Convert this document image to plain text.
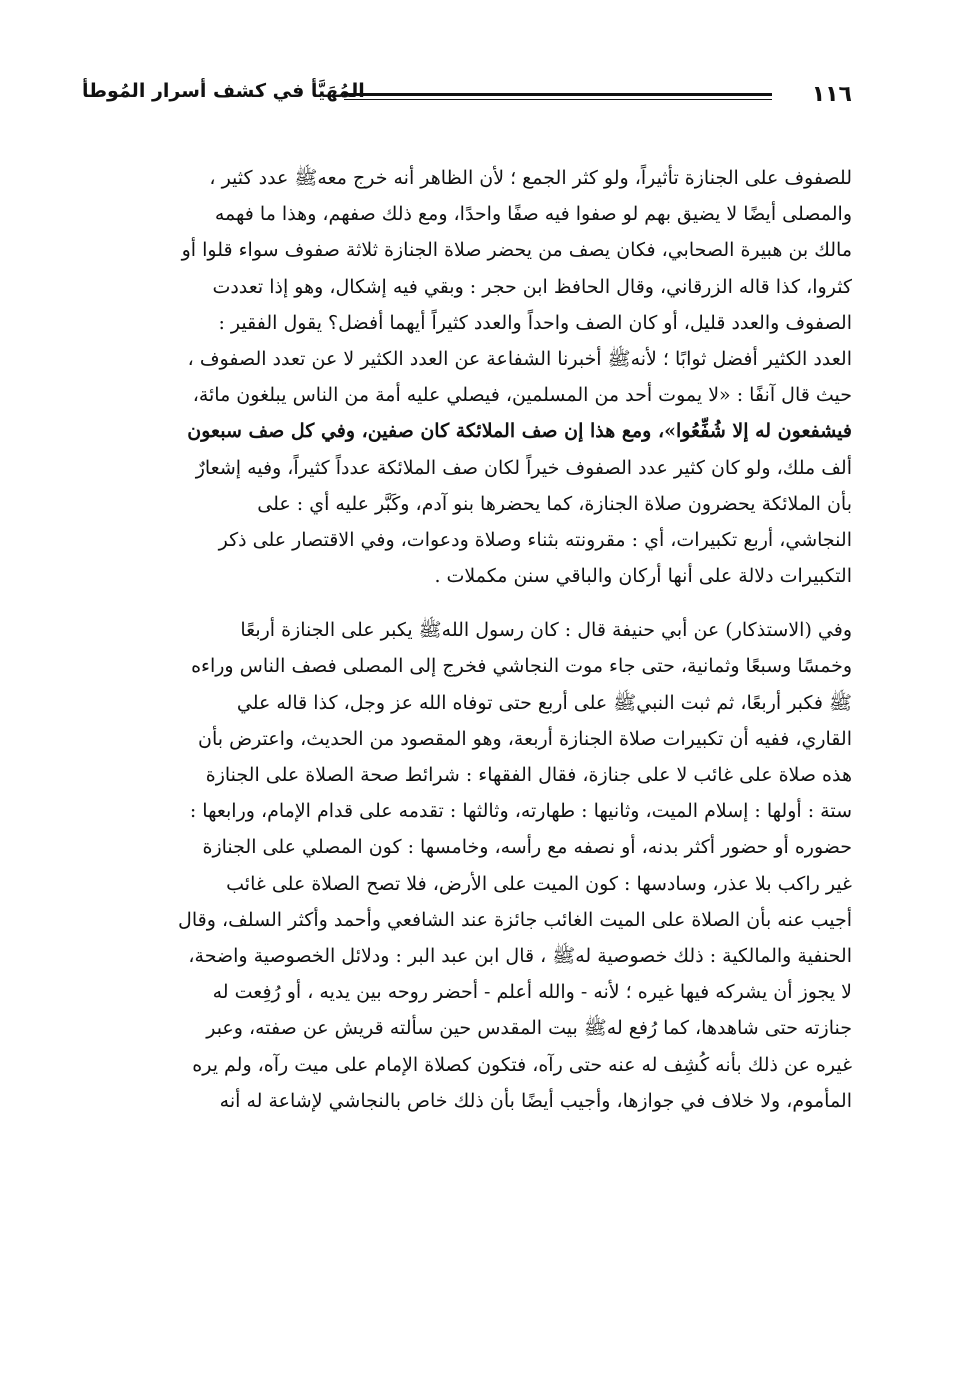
١١٦
المُهَيَّأ في كشف أسرار المُوطأ
للصفوف على الجنازة تأثيراً، ولو كثر الجمع ؛ لأن الظاهر أنه خرج معهﷺ عدد كثير ،
والمصلى أيضًا لا يضيق بهم لو صفوا فيه صفًا واحدًا، ومع ذلك صفهم، وهذا ما فهمه
مالك بن هبيرة الصحابي، فكان يصف من يحضر صلاة الجنازة ثلاثة صفوف سواء قلوا أو
كثروا، كذا قاله الزرقاني، وقال الحافظ ابن حجر : وبقي فيه إشكال، وهو إذا تعددت
الصفوف والعدد قليل، أو كان الصف واحداً والعدد كثيراً أيهما أفضل؟ يقول الفقير :
العدد الكثير أفضل ثوابًا ؛ لأنهﷺ أخبرنا الشفاعة عن العدد الكثير لا عن تعدد الصفوف ،
حيث قال آنفًا : «لا يموت أحد من المسلمين، فيصلي عليه أمة من الناس يبلغون مائة،
فيشفعون له إلا شُفِّعُوا»، ومع هذا إن صف الملائكة كان صفين، وفي كل صف سبعون
ألف ملك، ولو كان كثير عدد الصفوف خيراً لكان صف الملائكة عدداً كثيراً، وفيه إشعارٌ
بأن الملائكة يحضرون صلاة الجنازة، كما يحضرها بنو آدم، وكَبَّر عليه أي : على
النجاشي، أربع تكبيرات، أي : مقرونته بثناء وصلاة ودعوات، وفي الاقتصار على ذكر
التكبيرات دلالة على أنها أركان والباقي سنن مكملات .
وفي (الاستذكار) عن أبي حنيفة قال : كان رسول اللهﷺ يكبر على الجنازة أربعًا
وخمسًا وسبعًا وثمانية، حتى جاء موت النجاشي فخرج إلى المصلى فصف الناس وراءه
ﷺ فكبر أربعًا، ثم ثبت النبيﷺ على أربع حتى توفاه الله عز وجل، كذا قاله علي
القاري، ففيه أن تكبيرات صلاة الجنازة أربعة، وهو المقصود من الحديث، واعترض بأن
هذه صلاة على غائب لا على جنازة، فقال الفقهاء : شرائط صحة الصلاة على الجنازة
ستة : أولها : إسلام الميت، وثانيها : طهارته، وثالثها : تقدمه على قدام الإمام، ورابعها :
حضوره أو حضور أكثر بدنه، أو نصفه مع رأسه، وخامسها : كون المصلي على الجنازة
غير راكب بلا عذر، وسادسها : كون الميت على الأرض، فلا تصح الصلاة على غائب
أجيب عنه بأن الصلاة على الميت الغائب جائزة عند الشافعي وأحمد وأكثر السلف، وقال
الحنفية والمالكية : ذلك خصوصية لهﷺ ، قال ابن عبد البر : ودلائل الخصوصية واضحة،
لا يجوز أن يشركه فيها غيره ؛ لأنه - والله أعلم - أحضر روحه بين يديه ، أو رُفِعت له
جنازته حتى شاهدها، كما رُفع لهﷺ بيت المقدس حين سألته قريش عن صفته، وعبر
غيره عن ذلك بأنه كُشِف له عنه حتى رآه، فتكون كصلاة الإمام على ميت رآه، ولم يره
المأموم، ولا خلاف في جوازها، وأجيب أيضًا بأن ذلك خاص بالنجاشي لإشاعة له أنه
